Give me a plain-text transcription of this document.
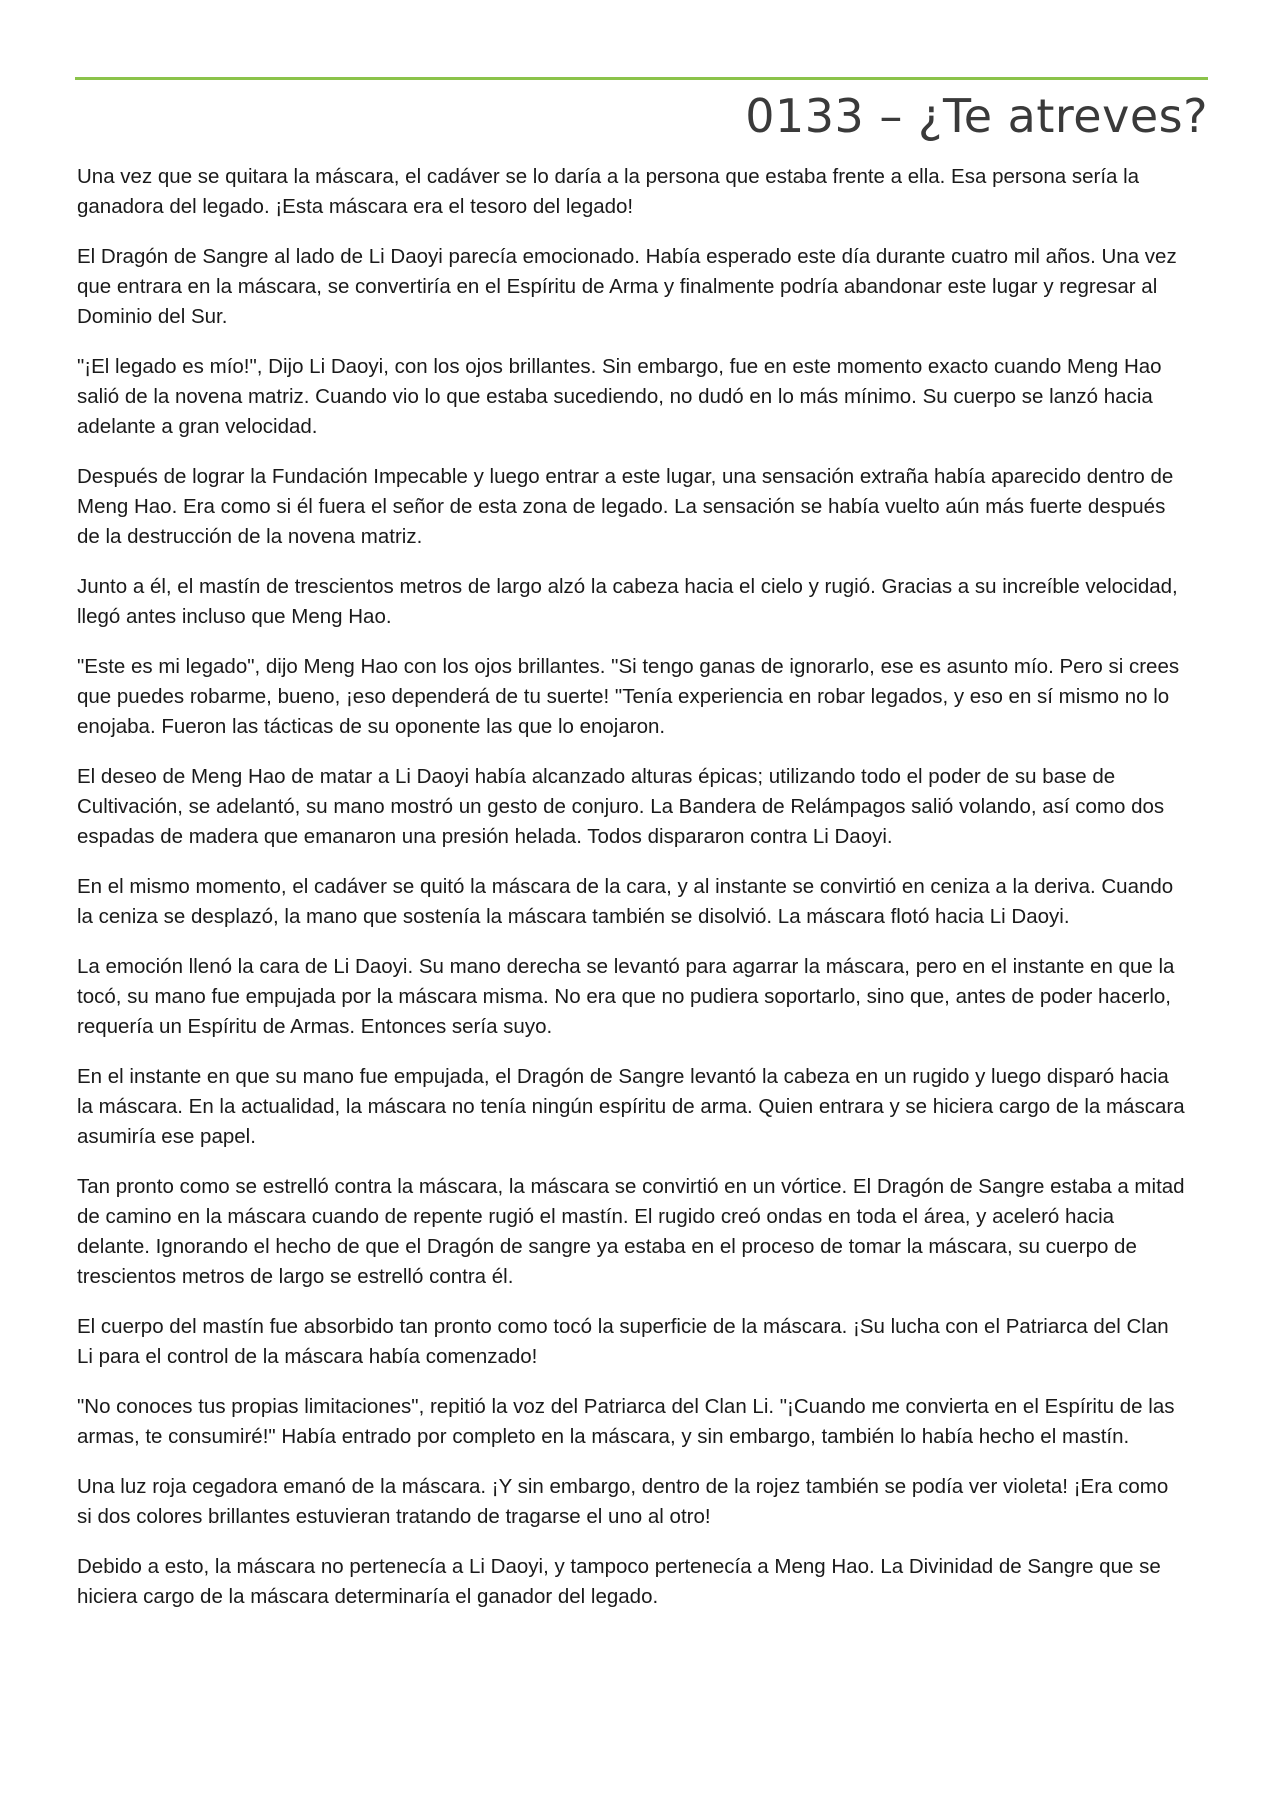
0133 – ¿Te atreves?

Una vez que se quitara la máscara, el cadáver se lo daría a la persona que estaba frente a ella. Esa persona sería la ganadora del legado. ¡Esta máscara era el tesoro del legado!

El Dragón de Sangre al lado de Li Daoyi parecía emocionado. Había esperado este día durante cuatro mil años. Una vez que entrara en la máscara, se convertiría en el Espíritu de Arma y finalmente podría abandonar este lugar y regresar al Dominio del Sur.

"¡El legado es mío!", Dijo Li Daoyi, con los ojos brillantes. Sin embargo, fue en este momento exacto cuando Meng Hao salió de la novena matriz. Cuando vio lo que estaba sucediendo, no dudó en lo más mínimo. Su cuerpo se lanzó hacia adelante a gran velocidad.

Después de lograr la Fundación Impecable y luego entrar a este lugar, una sensación extraña había aparecido dentro de Meng Hao. Era como si él fuera el señor de esta zona de legado. La sensación se había vuelto aún más fuerte después de la destrucción de la novena matriz.

Junto a él, el mastín de trescientos metros de largo alzó la cabeza hacia el cielo y rugió. Gracias a su increíble velocidad, llegó antes incluso que Meng Hao.

"Este es mi legado", dijo Meng Hao con los ojos brillantes. "Si tengo ganas de ignorarlo, ese es asunto mío. Pero si crees que puedes robarme, bueno, ¡eso dependerá de tu suerte! "Tenía experiencia en robar legados, y eso en sí mismo no lo enojaba. Fueron las tácticas de su oponente las que lo enojaron.

El deseo de Meng Hao de matar a Li Daoyi había alcanzado alturas épicas; utilizando todo el poder de su base de Cultivación, se adelantó, su mano mostró un gesto de conjuro. La Bandera de Relámpagos salió volando, así como dos espadas de madera que emanaron una presión helada. Todos dispararon contra Li Daoyi.

En el mismo momento, el cadáver se quitó la máscara de la cara, y al instante se convirtió en ceniza a la deriva. Cuando la ceniza se desplazó, la mano que sostenía la máscara también se disolvió. La máscara flotó hacia Li Daoyi.

La emoción llenó la cara de Li Daoyi. Su mano derecha se levantó para agarrar la máscara, pero en el instante en que la tocó, su mano fue empujada por la máscara misma. No era que no pudiera soportarlo, sino que, antes de poder hacerlo, requería un Espíritu de Armas. Entonces sería suyo.

En el instante en que su mano fue empujada, el Dragón de Sangre levantó la cabeza en un rugido y luego disparó hacia la máscara. En la actualidad, la máscara no tenía ningún espíritu de arma. Quien entrara y se hiciera cargo de la máscara asumiría ese papel.

Tan pronto como se estrelló contra la máscara, la máscara se convirtió en un vórtice. El Dragón de Sangre estaba a mitad de camino en la máscara cuando de repente rugió el mastín. El rugido creó ondas en toda el área, y aceleró hacia delante. Ignorando el hecho de que el Dragón de sangre ya estaba en el proceso de tomar la máscara, su cuerpo de trescientos metros de largo se estrelló contra él.

El cuerpo del mastín fue absorbido tan pronto como tocó la superficie de la máscara. ¡Su lucha con el Patriarca del Clan Li para el control de la máscara había comenzado!

"No conoces tus propias limitaciones", repitió la voz del Patriarca del Clan Li. "¡Cuando me convierta en el Espíritu de las armas, te consumiré!" Había entrado por completo en la máscara, y sin embargo, también lo había hecho el mastín.

Una luz roja cegadora emanó de la máscara. ¡Y sin embargo, dentro de la rojez también se podía ver violeta! ¡Era como si dos colores brillantes estuvieran tratando de tragarse el uno al otro!

Debido a esto, la máscara no pertenecía a Li Daoyi, y tampoco pertenecía a Meng Hao. La Divinidad de Sangre que se hiciera cargo de la máscara determinaría el ganador del legado.
